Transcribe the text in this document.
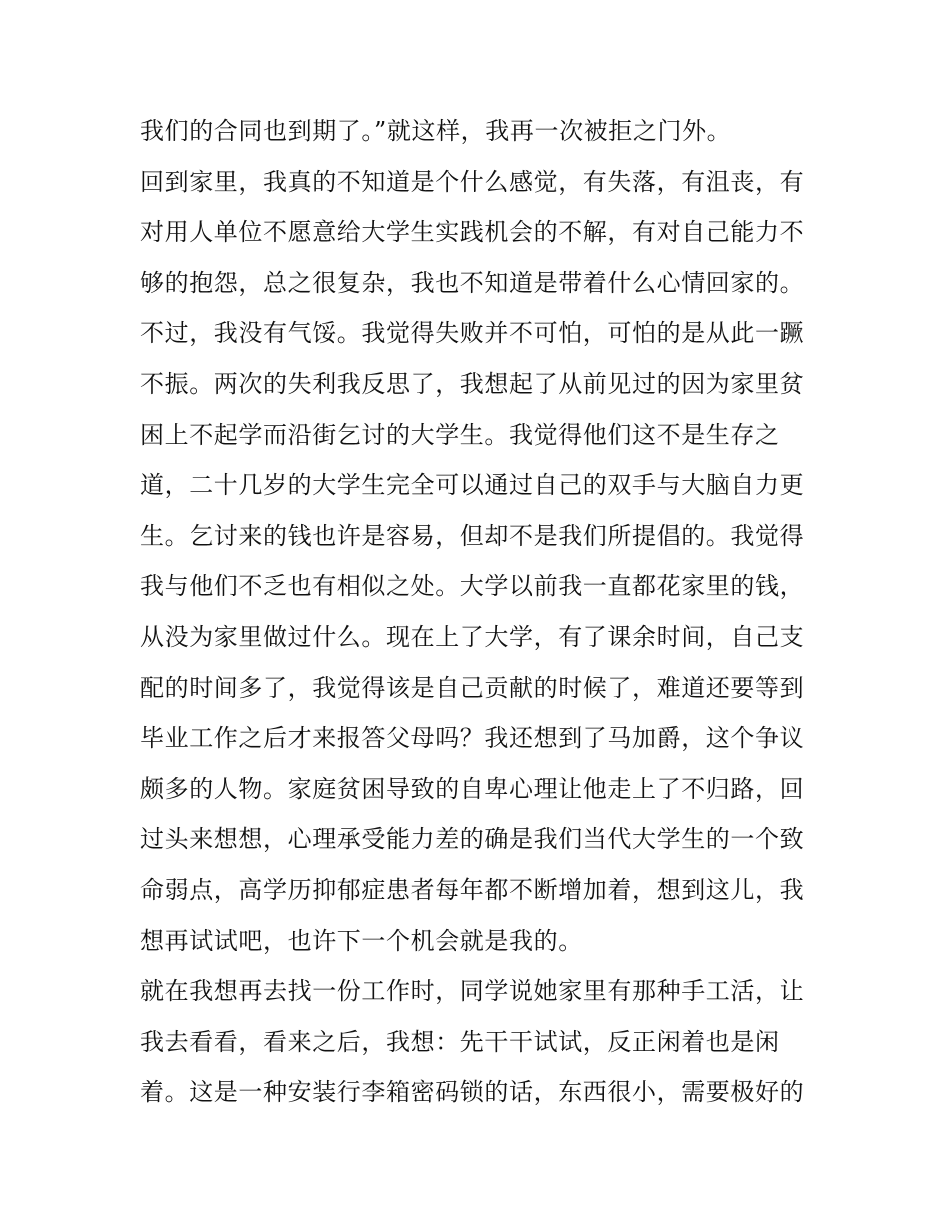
我们的合同也到期了。”就这样，我再一次被拒之门外。
回到家里，我真的不知道是个什么感觉，有失落，有沮丧，有
对用人单位不愿意给大学生实践机会的不解，有对自己能力不
够的抱怨，总之很复杂，我也不知道是带着什么心情回家的。
不过，我没有气馁。我觉得失败并不可怕，可怕的是从此一蹶
不振。两次的失利我反思了，我想起了从前见过的因为家里贫
困上不起学而沿街乞讨的大学生。我觉得他们这不是生存之
道，二十几岁的大学生完全可以通过自己的双手与大脑自力更
生。乞讨来的钱也许是容易，但却不是我们所提倡的。我觉得
我与他们不乏也有相似之处。大学以前我一直都花家里的钱，
从没为家里做过什么。现在上了大学，有了课余时间，自己支
配的时间多了，我觉得该是自己贡献的时候了，难道还要等到
毕业工作之后才来报答父母吗？我还想到了马加爵，这个争议
颇多的人物。家庭贫困导致的自卑心理让他走上了不归路，回
过头来想想，心理承受能力差的确是我们当代大学生的一个致
命弱点，高学历抑郁症患者每年都不断增加着，想到这儿，我
想再试试吧，也许下一个机会就是我的。
就在我想再去找一份工作时，同学说她家里有那种手工活，让
我去看看，看来之后，我想：先干干试试，反正闲着也是闲
着。这是一种安装行李箱密码锁的话，东西很小，需要极好的
